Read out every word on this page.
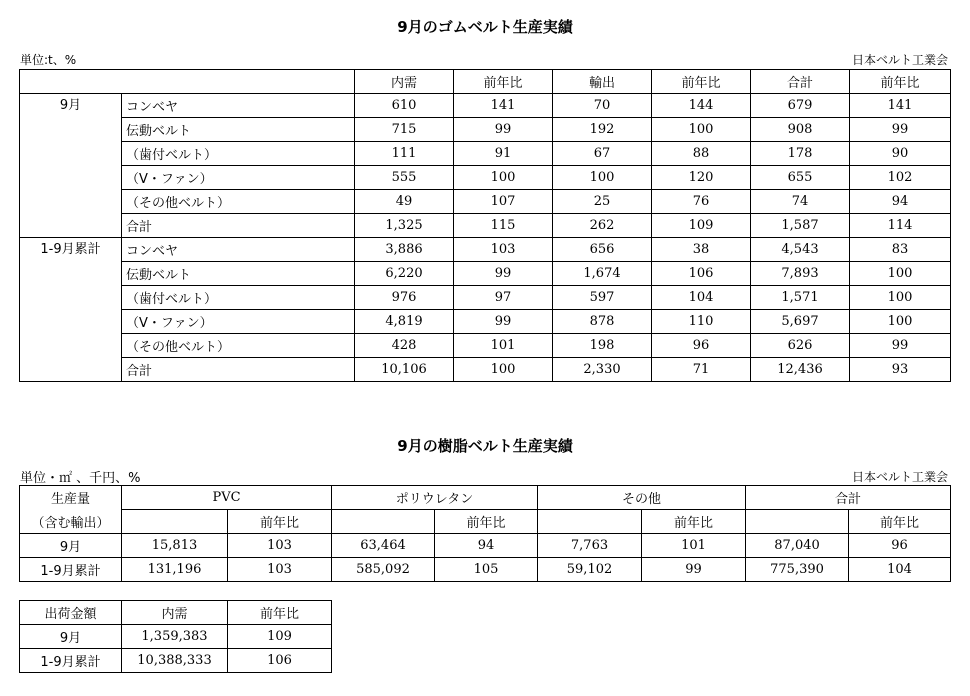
9月のゴムベルト生産実績
単位:t、%	日本ベルト工業会
		内需	前年比	輸出	前年比	合計	前年比
9月	コンベヤ	610	141	70	144	679	141
	伝動ベルト	715	99	192	100	908	99
	（歯付ベルト）	111	91	67	88	178	90
	（V・ファン）	555	100	100	120	655	102
	（その他ベルト）	49	107	25	76	74	94
	合計	1,325	115	262	109	1,587	114
1-9月累計	コンベヤ	3,886	103	656	38	4,543	83
	伝動ベルト	6,220	99	1,674	106	7,893	100
	（歯付ベルト）	976	97	597	104	1,571	100
	（V・ファン）	4,819	99	878	110	5,697	100
	（その他ベルト）	428	101	198	96	626	99
	合計	10,106	100	2,330	71	12,436	93
9月の樹脂ベルト生産実績
単位・㎡ 、千円、%	日本ベルト工業会
生産量	PVC		ポリウレタン		その他		合計	
（含む輸出）		前年比		前年比		前年比		前年比
9月	15,813	103	63,464	94	7,763	101	87,040	96
1-9月累計	131,196	103	585,092	105	59,102	99	775,390	104
出荷金額	内需	前年比
9月	1,359,383	109
1-9月累計	10,388,333	106
